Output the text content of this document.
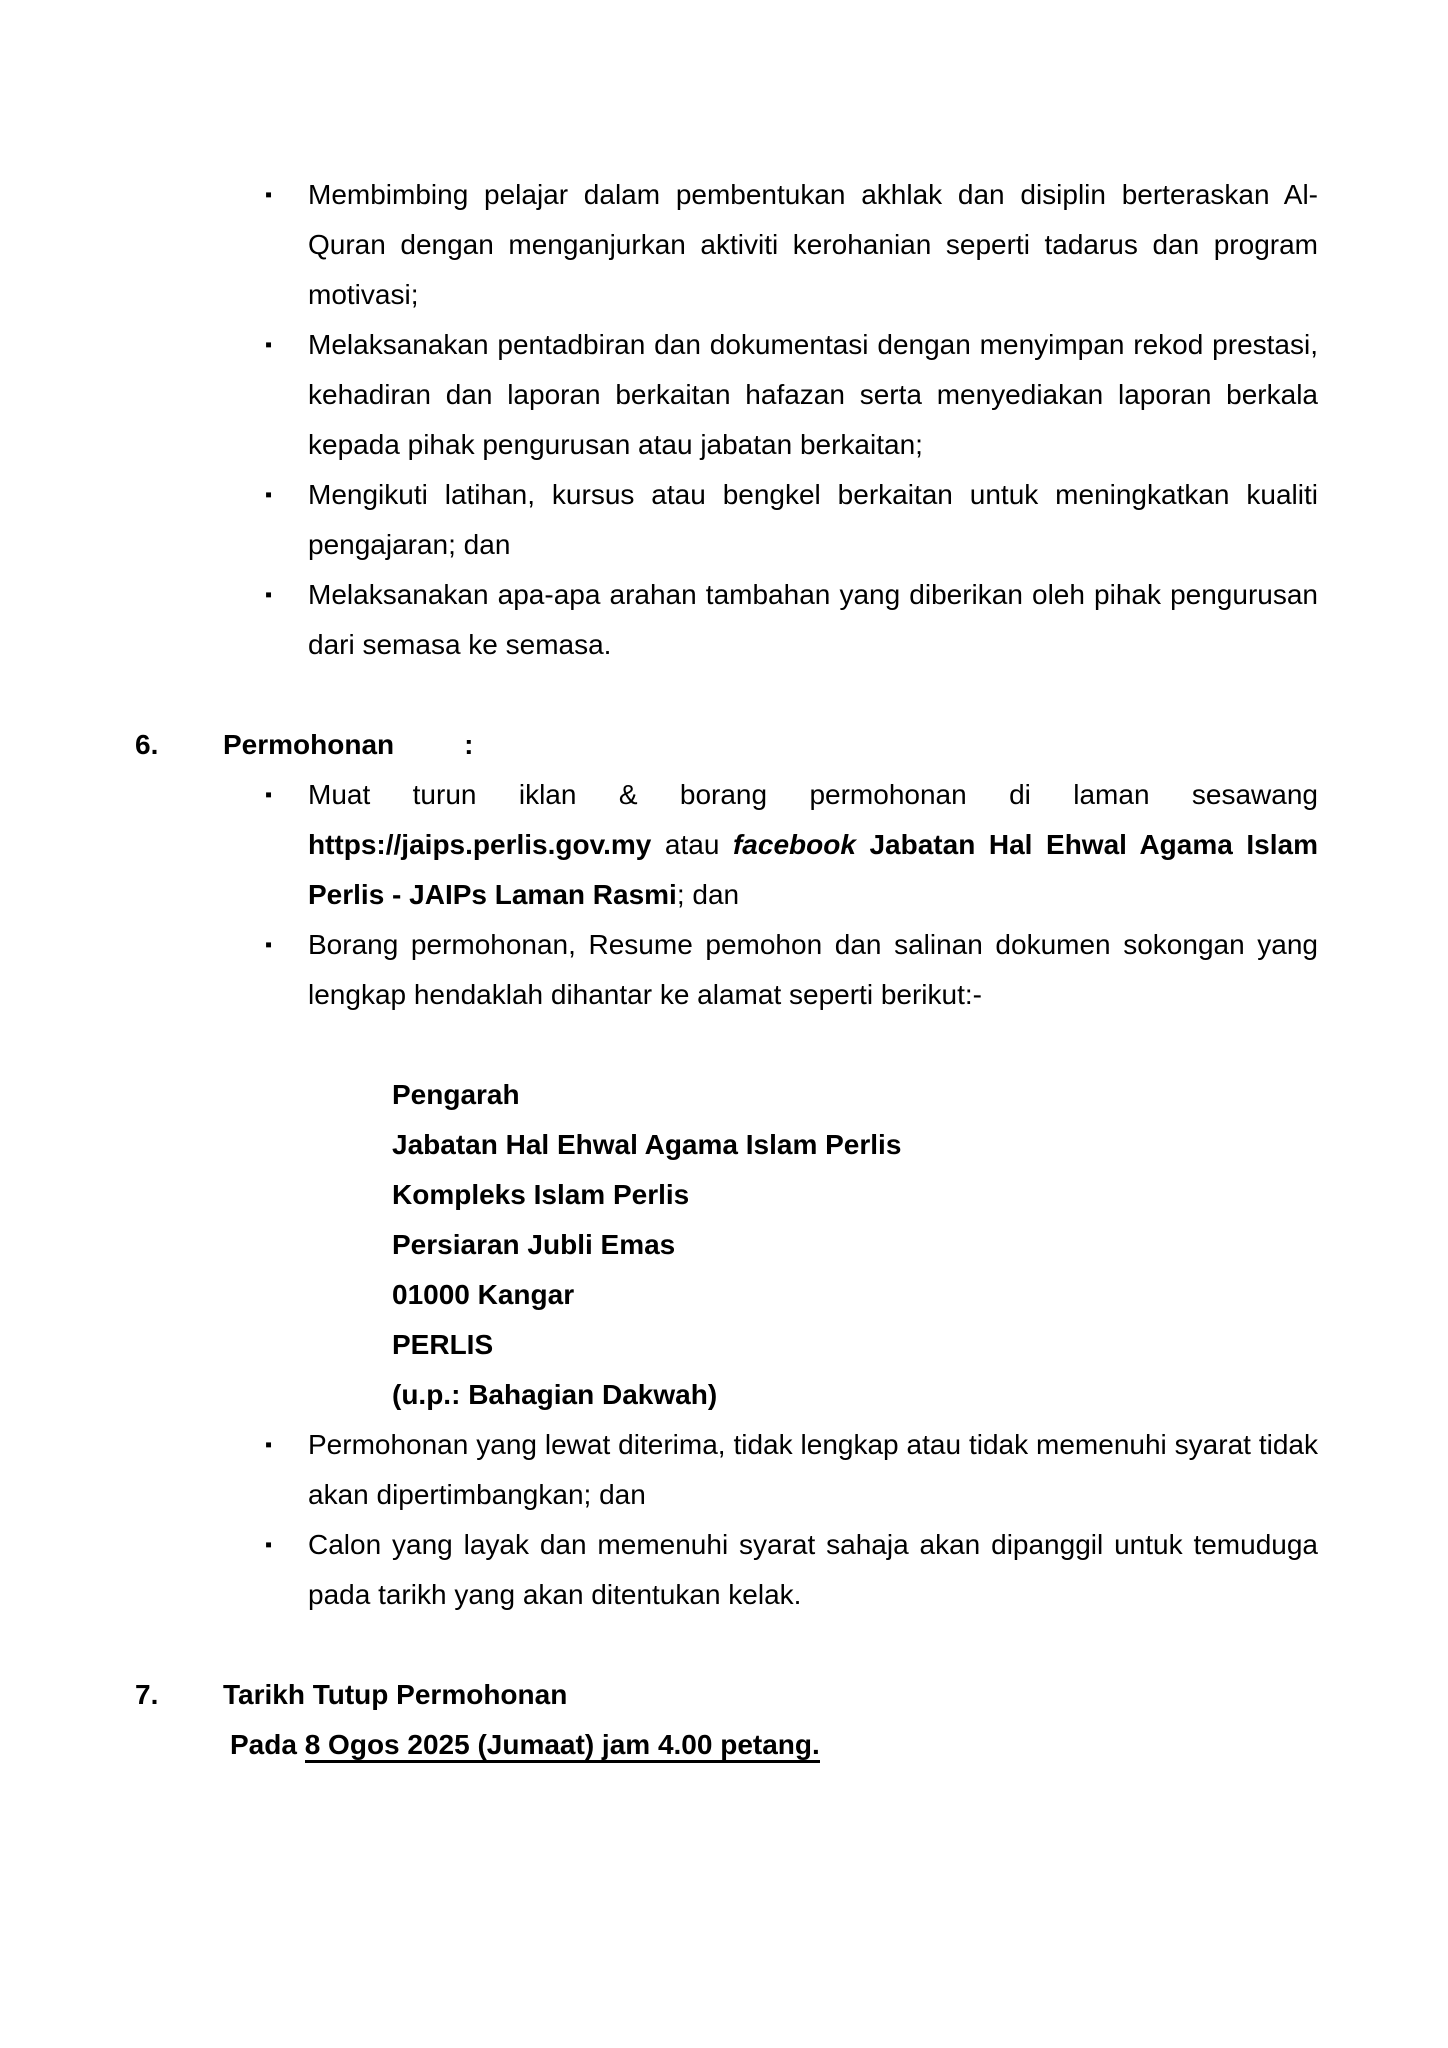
▪ Membimbing pelajar dalam pembentukan akhlak dan disiplin berteraskan Al-Quran dengan menganjurkan aktiviti kerohanian seperti tadarus dan program motivasi;
▪ Melaksanakan pentadbiran dan dokumentasi dengan menyimpan rekod prestasi, kehadiran dan laporan berkaitan hafazan serta menyediakan laporan berkala kepada pihak pengurusan atau jabatan berkaitan;
▪ Mengikuti latihan, kursus atau bengkel berkaitan untuk meningkatkan kualiti pengajaran; dan
▪ Melaksanakan apa-apa arahan tambahan yang diberikan oleh pihak pengurusan dari semasa ke semasa.
6. Permohonan	:
▪ Muat turun iklan & borang permohonan di laman sesawang https://jaips.perlis.gov.my atau facebook Jabatan Hal Ehwal Agama Islam Perlis - JAIPs Laman Rasmi; dan
▪ Borang permohonan, Resume pemohon dan salinan dokumen sokongan yang lengkap hendaklah dihantar ke alamat seperti berikut:-
Pengarah
Jabatan Hal Ehwal Agama Islam Perlis
Kompleks Islam Perlis
Persiaran Jubli Emas
01000 Kangar
PERLIS
(u.p.: Bahagian Dakwah)
▪ Permohonan yang lewat diterima, tidak lengkap atau tidak memenuhi syarat tidak akan dipertimbangkan; dan
▪ Calon yang layak dan memenuhi syarat sahaja akan dipanggil untuk temuduga pada tarikh yang akan ditentukan kelak.
7. Tarikh Tutup Permohonan
Pada 8 Ogos 2025 (Jumaat) jam 4.00 petang.
